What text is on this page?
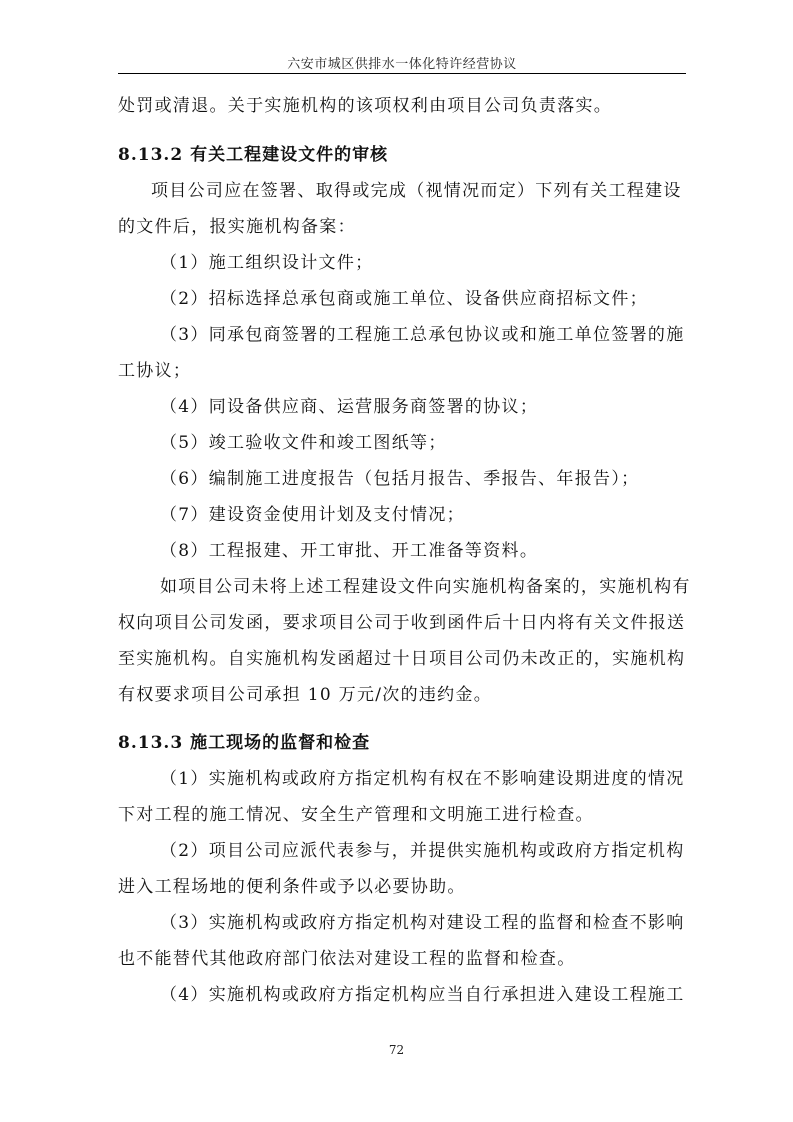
六安市城区供排水一体化特许经营协议
处罚或清退。关于实施机构的该项权利由项目公司负责落实。
8.13.2 有关工程建设文件的审核
项目公司应在签署、取得或完成（视情况而定）下列有关工程建设
的文件后，报实施机构备案：
（1）施工组织设计文件；
（2）招标选择总承包商或施工单位、设备供应商招标文件；
（3）同承包商签署的工程施工总承包协议或和施工单位签署的施
工协议；
（4）同设备供应商、运营服务商签署的协议；
（5）竣工验收文件和竣工图纸等；
（6）编制施工进度报告（包括月报告、季报告、年报告）；
（7）建设资金使用计划及支付情况；
（8）工程报建、开工审批、开工准备等资料。
如项目公司未将上述工程建设文件向实施机构备案的，实施机构有
权向项目公司发函，要求项目公司于收到函件后十日内将有关文件报送
至实施机构。自实施机构发函超过十日项目公司仍未改正的，实施机构
有权要求项目公司承担 10 万元/次的违约金。
8.13.3 施工现场的监督和检查
（1）实施机构或政府方指定机构有权在不影响建设期进度的情况
下对工程的施工情况、安全生产管理和文明施工进行检查。
（2）项目公司应派代表参与，并提供实施机构或政府方指定机构
进入工程场地的便利条件或予以必要协助。
（3）实施机构或政府方指定机构对建设工程的监督和检查不影响
也不能替代其他政府部门依法对建设工程的监督和检查。
（4）实施机构或政府方指定机构应当自行承担进入建设工程施工
72
